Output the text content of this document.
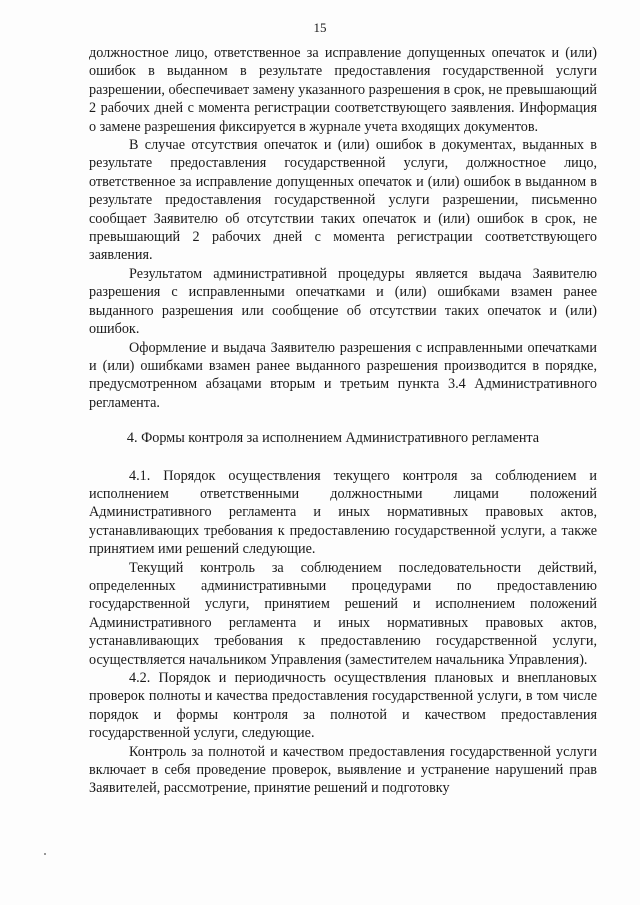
15

должностное лицо, ответственное за исправление допущенных опечаток и (или) ошибок в выданном в результате предоставления государственной услуги разрешении, обеспечивает замену указанного разрешения в срок, не превышающий 2 рабочих дней с момента регистрации соответствующего заявления. Информация о замене разрешения фиксируется в журнале учета входящих документов.

В случае отсутствия опечаток и (или) ошибок в документах, выданных в результате предоставления государственной услуги, должностное лицо, ответственное за исправление допущенных опечаток и (или) ошибок в выданном в результате предоставления государственной услуги разрешении, письменно сообщает Заявителю об отсутствии таких опечаток и (или) ошибок в срок, не превышающий 2 рабочих дней с момента регистрации соответствующего заявления.

Результатом административной процедуры является выдача Заявителю разрешения с исправленными опечатками и (или) ошибками взамен ранее выданного разрешения или сообщение об отсутствии таких опечаток и (или) ошибок.

Оформление и выдача Заявителю разрешения с исправленными опечатками и (или) ошибками взамен ранее выданного разрешения производится в порядке, предусмотренном абзацами вторым и третьим пункта 3.4 Административного регламента.

4. Формы контроля за исполнением Административного регламента

4.1. Порядок осуществления текущего контроля за соблюдением и исполнением ответственными должностными лицами положений Административного регламента и иных нормативных правовых актов, устанавливающих требования к предоставлению государственной услуги, а также принятием ими решений следующие.

Текущий контроль за соблюдением последовательности действий, определенных административными процедурами по предоставлению государственной услуги, принятием решений и исполнением положений Административного регламента и иных нормативных правовых актов, устанавливающих требования к предоставлению государственной услуги, осуществляется начальником Управления (заместителем начальника Управления).

4.2. Порядок и периодичность осуществления плановых и внеплановых проверок полноты и качества предоставления государственной услуги, в том числе порядок и формы контроля за полнотой и качеством предоставления государственной услуги, следующие.

Контроль за полнотой и качеством предоставления государственной услуги включает в себя проведение проверок, выявление и устранение нарушений прав Заявителей, рассмотрение, принятие решений и подготовку
